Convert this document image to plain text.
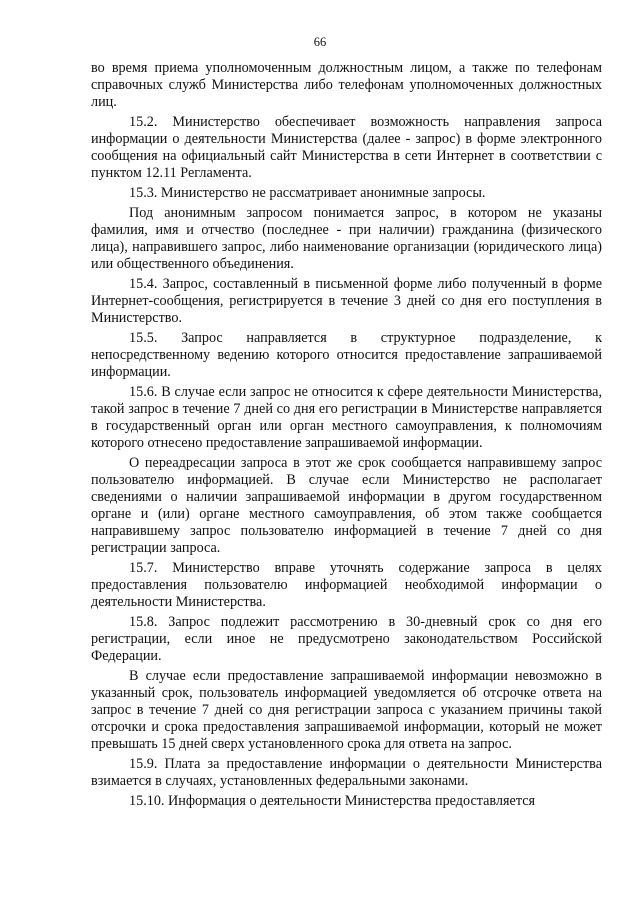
66

во время приема уполномоченным должностным лицом, а также по телефонам справочных служб Министерства либо телефонам уполномоченных должностных лиц.

15.2. Министерство обеспечивает возможность направления запроса информации о деятельности Министерства (далее - запрос) в форме электронного сообщения на официальный сайт Министерства в сети Интернет в соответствии с пунктом 12.11 Регламента.

15.3. Министерство не рассматривает анонимные запросы.

Под анонимным запросом понимается запрос, в котором не указаны фамилия, имя и отчество (последнее - при наличии) гражданина (физического лица), направившего запрос, либо наименование организации (юридического лица) или общественного объединения.

15.4. Запрос, составленный в письменной форме либо полученный в форме Интернет-сообщения, регистрируется в течение 3 дней со дня его поступления в Министерство.

15.5. Запрос направляется в структурное подразделение, к непосредственному ведению которого относится предоставление запрашиваемой информации.

15.6. В случае если запрос не относится к сфере деятельности Министерства, такой запрос в течение 7 дней со дня его регистрации в Министерстве направляется в государственный орган или орган местного самоуправления, к полномочиям которого отнесено предоставление запрашиваемой информации.

О переадресации запроса в этот же срок сообщается направившему запрос пользователю информацией. В случае если Министерство не располагает сведениями о наличии запрашиваемой информации в другом государственном органе и (или) органе местного самоуправления, об этом также сообщается направившему запрос пользователю информацией в течение 7 дней со дня регистрации запроса.

15.7. Министерство вправе уточнять содержание запроса в целях предоставления пользователю информацией необходимой информации о деятельности Министерства.

15.8. Запрос подлежит рассмотрению в 30-дневный срок со дня его регистрации, если иное не предусмотрено законодательством Российской Федерации.

В случае если предоставление запрашиваемой информации невозможно в указанный срок, пользователь информацией уведомляется об отсрочке ответа на запрос в течение 7 дней со дня регистрации запроса с указанием причины такой отсрочки и срока предоставления запрашиваемой информации, который не может превышать 15 дней сверх установленного срока для ответа на запрос.

15.9. Плата за предоставление информации о деятельности Министерства взимается в случаях, установленных федеральными законами.

15.10. Информация о деятельности Министерства предоставляется
